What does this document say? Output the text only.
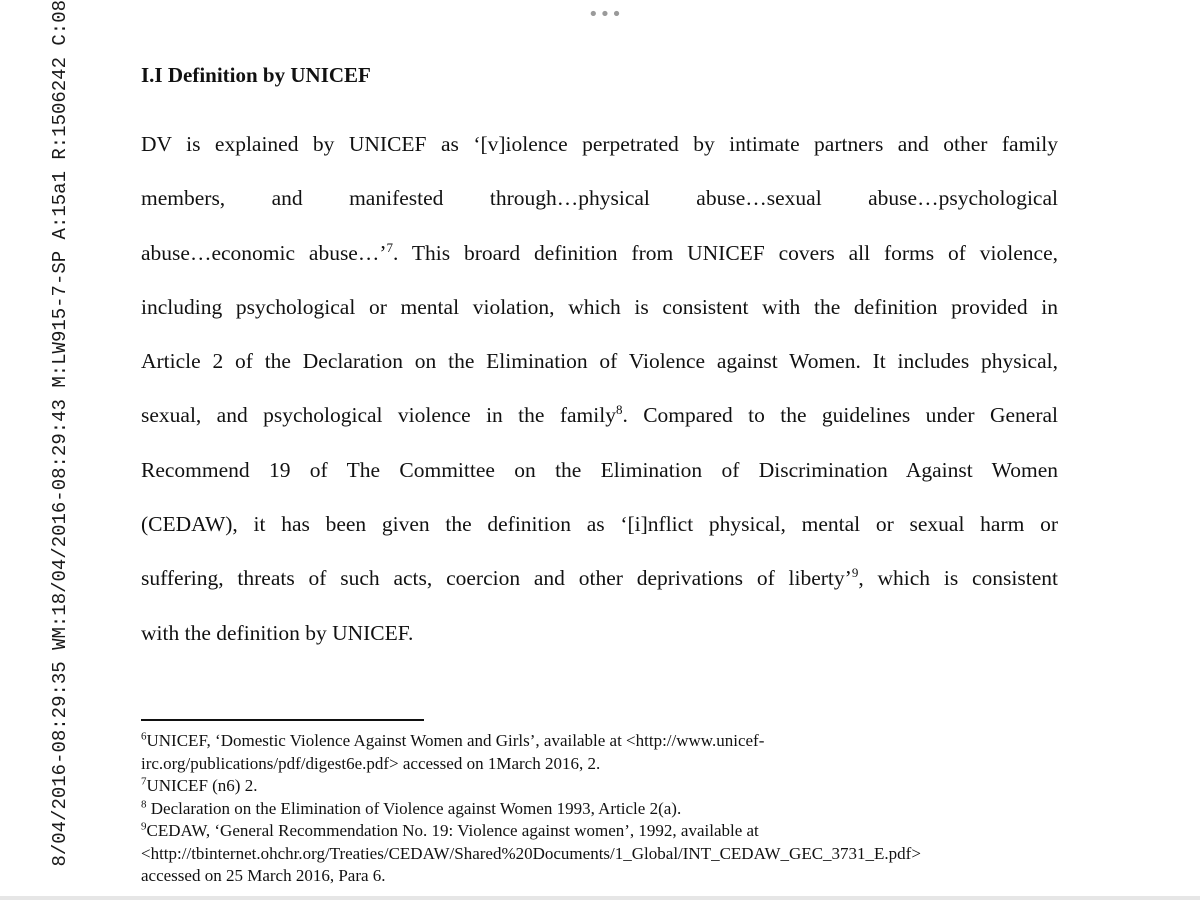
8/04/2016-08:29:35 WM:18/04/2016-08:29:43 M:LW915-7-SP A:15a1 R:1506242 C:08	•••
I.I Definition by UNICEF
DV is explained by UNICEF as ‘[v]iolence perpetrated by intimate partners and other family
members, and manifested through…physical abuse…sexual abuse…psychological
abuse…economic abuse…’$^7$. This broard definition from UNICEF covers all forms of violence,
including psychological or mental violation, which is consistent with the definition provided in
Article 2 of the Declaration on the Elimination of Violence against Women. It includes physical,
sexual, and psychological violence in the family$^8$. Compared to the guidelines under General
Recommend 19 of The Committee on the Elimination of Discrimination Against Women
(CEDAW), it has been given the definition as ‘[i]nflict physical, mental or sexual harm or
suffering, threats of such acts, coercion and other deprivations of liberty’$^9$, which is consistent
with the definition by UNICEF.
$^6$UNICEF, ‘Domestic Violence Against Women and Girls’, available at <http://www.unicef-
irc.org/publications/pdf/digest6e.pdf> accessed on 1March 2016, 2.
$^7$UNICEF (n6) 2.
$^8$ Declaration on the Elimination of Violence against Women 1993, Article 2(a).
$^9$CEDAW, ‘General Recommendation No. 19: Violence against women’, 1992, available at
<http://tbinternet.ohchr.org/Treaties/CEDAW/Shared%20Documents/1_Global/INT_CEDAW_GEC_3731_E.pdf>
accessed on 25 March 2016, Para 6.
